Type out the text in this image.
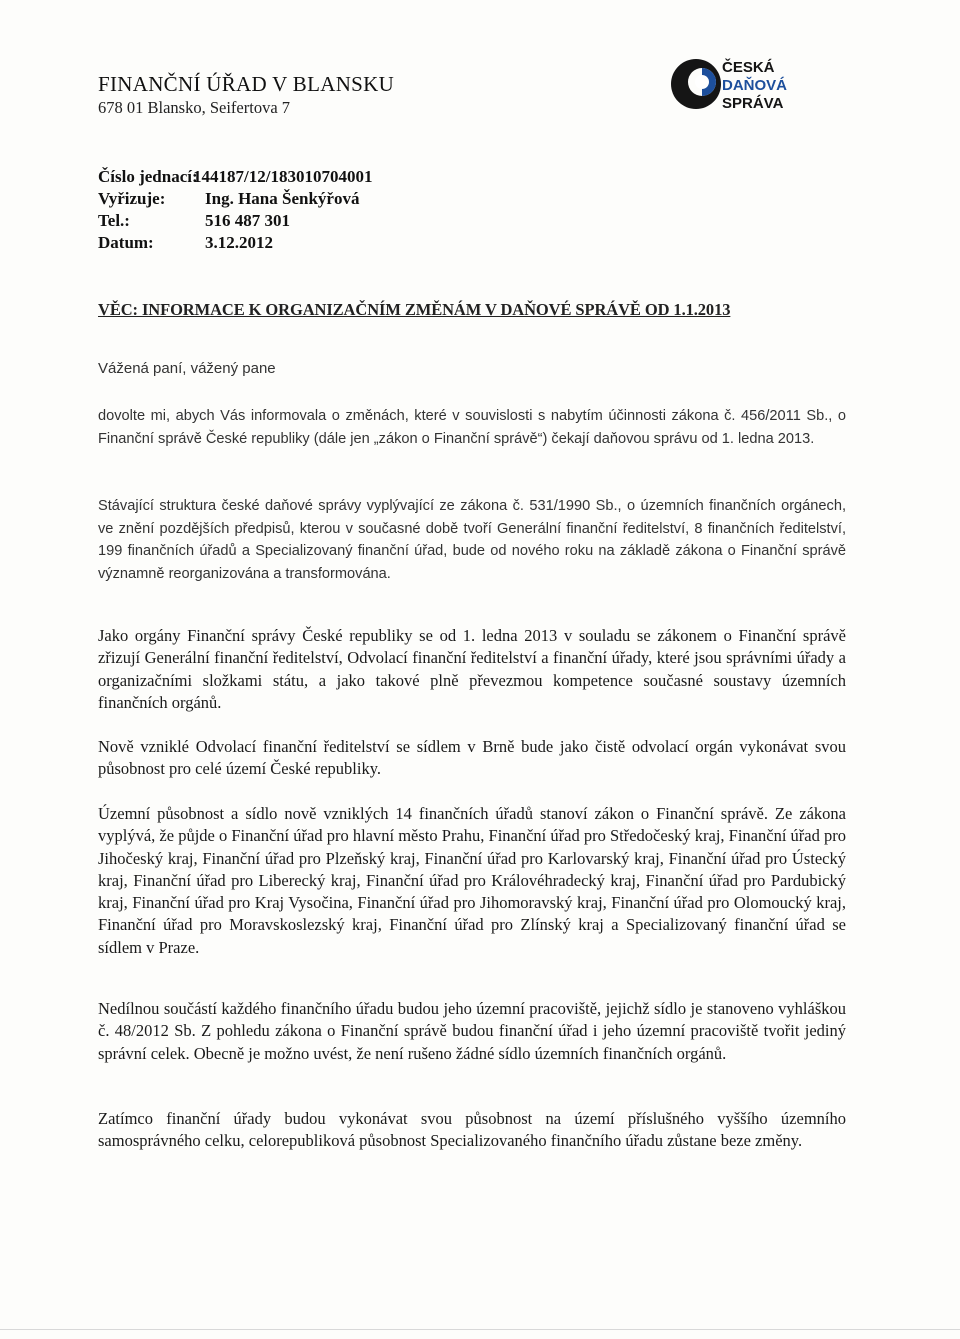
FINANČNÍ ÚŘAD V BLANSKU
678 01 Blansko, Seifertova 7
ČESKÁ
DAŇOVÁ
SPRÁVA
Číslo jednací:144187/12/183010704001
Vyřizuje: Ing. Hana Šenkýřová
Tel.:	516 487 301
Datum:	3.12.2012
VĚC: INFORMACE K ORGANIZAČNÍM ZMĚNÁM V DAŇOVÉ SPRÁVĚ OD 1.1.2013
Vážená paní, vážený pane
dovolte mi, abych Vás informovala o změnách, které v souvislosti s nabytím účinnosti zákona č. 456/2011 Sb., o Finanční správě České republiky (dále jen „zákon o Finanční správě“) čekají daňovou správu od 1. ledna 2013.
Stávající struktura české daňové správy vyplývající ze zákona č. 531/1990 Sb., o územních finančních orgánech, ve znění pozdějších předpisů, kterou v současné době tvoří Generální finanční ředitelství, 8 finančních ředitelství, 199 finančních úřadů a Specializovaný finanční úřad, bude od nového roku na základě zákona o Finanční správě významně reorganizována a transformována.
Jako orgány Finanční správy České republiky se od 1. ledna 2013 v souladu se zákonem o Finanční správě zřizují Generální finanční ředitelství, Odvolací finanční ředitelství a finanční úřady, které jsou správními úřady a organizačními složkami státu, a jako takové plně převezmou kompetence současné soustavy územních finančních orgánů.
Nově vzniklé Odvolací finanční ředitelství se sídlem v Brně bude jako čistě odvolací orgán vykonávat svou působnost pro celé území České republiky.
Územní působnost a sídlo nově vzniklých 14 finančních úřadů stanoví zákon o Finanční správě. Ze zákona vyplývá, že půjde o Finanční úřad pro hlavní město Prahu, Finanční úřad pro Středočeský kraj, Finanční úřad pro Jihočeský kraj, Finanční úřad pro Plzeňský kraj, Finanční úřad pro Karlovarský kraj, Finanční úřad pro Ústecký kraj, Finanční úřad pro Liberecký kraj, Finanční úřad pro Královéhradecký kraj, Finanční úřad pro Pardubický kraj, Finanční úřad pro Kraj Vysočina, Finanční úřad pro Jihomoravský kraj, Finanční úřad pro Olomoucký kraj, Finanční úřad pro Moravskoslezský kraj, Finanční úřad pro Zlínský kraj a Specializovaný finanční úřad se sídlem v Praze.
Nedílnou součástí každého finančního úřadu budou jeho územní pracoviště, jejichž sídlo je stanoveno vyhláškou č. 48/2012 Sb. Z pohledu zákona o Finanční správě budou finanční úřad i jeho územní pracoviště tvořit jediný správní celek. Obecně je možno uvést, že není rušeno žádné sídlo územních finančních orgánů.
Zatímco finanční úřady budou vykonávat svou působnost na území příslušného vyššího územního samosprávného celku, celorepubliková působnost Specializovaného finančního úřadu zůstane beze změny.
